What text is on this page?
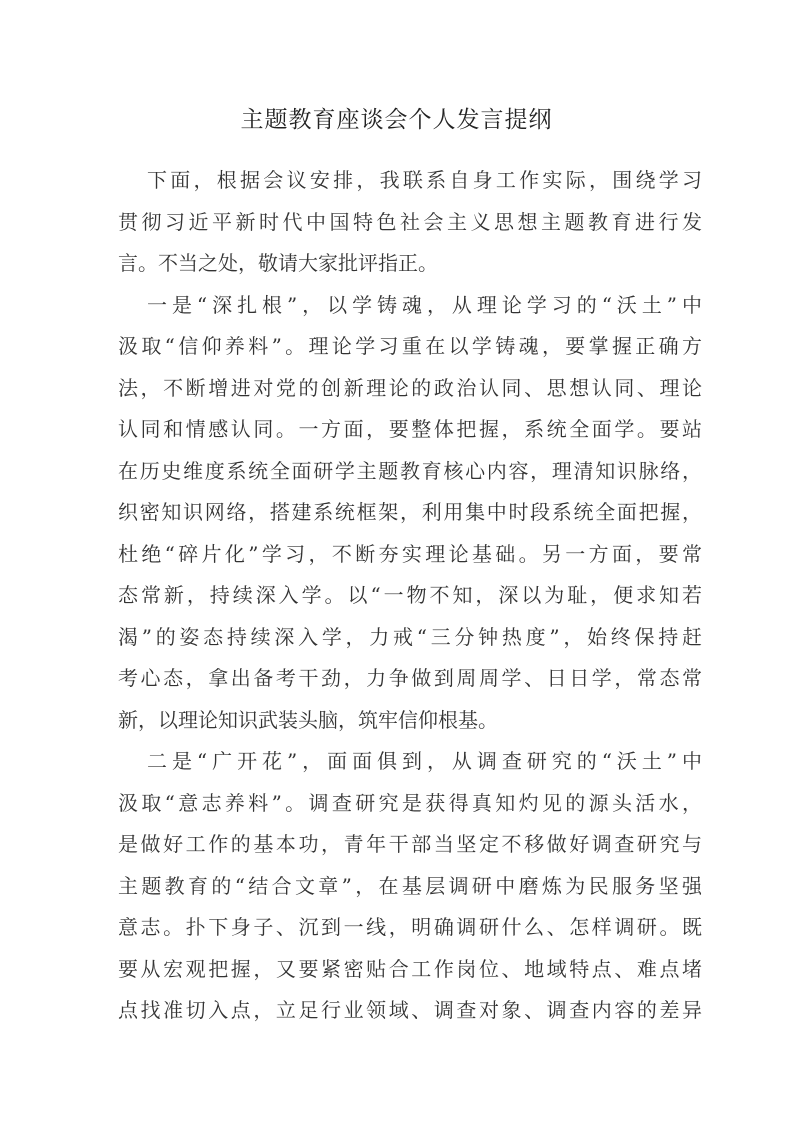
主题教育座谈会个人发言提纲
下面，根据会议安排，我联系自身工作实际，围绕学习
贯彻习近平新时代中国特色社会主义思想主题教育进行发
言。不当之处，敬请大家批评指正。
一是“深扎根”，以学铸魂，从理论学习的“沃土”中
汲取“信仰养料”。理论学习重在以学铸魂，要掌握正确方
法，不断增进对党的创新理论的政治认同、思想认同、理论
认同和情感认同。一方面，要整体把握，系统全面学。要站
在历史维度系统全面研学主题教育核心内容，理清知识脉络，
织密知识网络，搭建系统框架，利用集中时段系统全面把握，
杜绝“碎片化”学习，不断夯实理论基础。另一方面，要常
态常新，持续深入学。以“一物不知，深以为耻，便求知若
渴”的姿态持续深入学，力戒“三分钟热度”，始终保持赶
考心态，拿出备考干劲，力争做到周周学、日日学，常态常
新，以理论知识武装头脑，筑牢信仰根基。
二是“广开花”，面面俱到，从调查研究的“沃土”中
汲取“意志养料”。调查研究是获得真知灼见的源头活水，
是做好工作的基本功，青年干部当坚定不移做好调查研究与
主题教育的“结合文章”，在基层调研中磨炼为民服务坚强
意志。扑下身子、沉到一线，明确调研什么、怎样调研。既
要从宏观把握，又要紧密贴合工作岗位、地域特点、难点堵
点找准切入点，立足行业领域、调查对象、调查内容的差异
